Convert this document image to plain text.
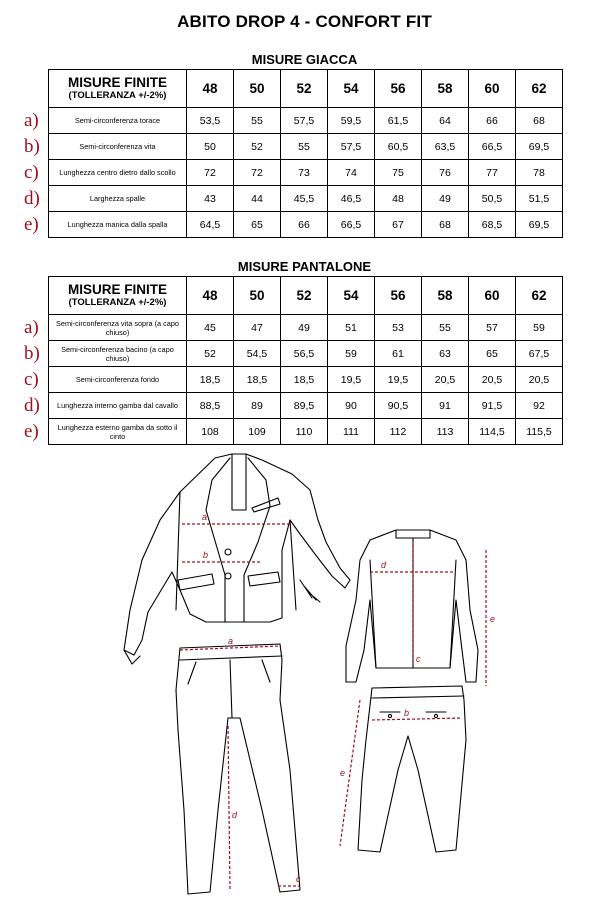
ABITO DROP 4 - CONFORT FIT
MISURE GIACCA
MISURE FINITE
(TOLLERANZA +/-2%)	48	50	52	54	56	58	60	62
Semi-circonferenza torace	53,5	55	57,5	59,5	61,5	64	66	68
Semi-circonferenza vita	50	52	55	57,5	60,5	63,5	66,5	69,5
Lunghezza centro dietro dallo scollo	72	72	73	74	75	76	77	78
Larghezza spalle	43	44	45,5	46,5	48	49	50,5	51,5
Lunghezza manica dalla spalla	64,5	65	66	66,5	67	68	68,5	69,5
a)
b)
c)
d)
e)
MISURE PANTALONE
MISURE FINITE
(TOLLERANZA +/-2%)	48	50	52	54	56	58	60	62
Semi-circonferenza vita sopra (a capo chiuso)	45	47	49	51	53	55	57	59
Semi-circonferenza bacino (a capo chiuso)	52	54,5	56,5	59	61	63	65	67,5
Semi-circonferenza fondo	18,5	18,5	18,5	19,5	19,5	20,5	20,5	20,5
Lunghezza interno gamba dal cavallo	88,5	89	89,5	90	90,5	91	91,5	92
Lunghezza esterno gamba da sotto il cinto	108	109	110	111	112	113	114,5	115,5
a)
b)
c)
d)
e)
a
b
d
c
e
a
b
d
c
e
